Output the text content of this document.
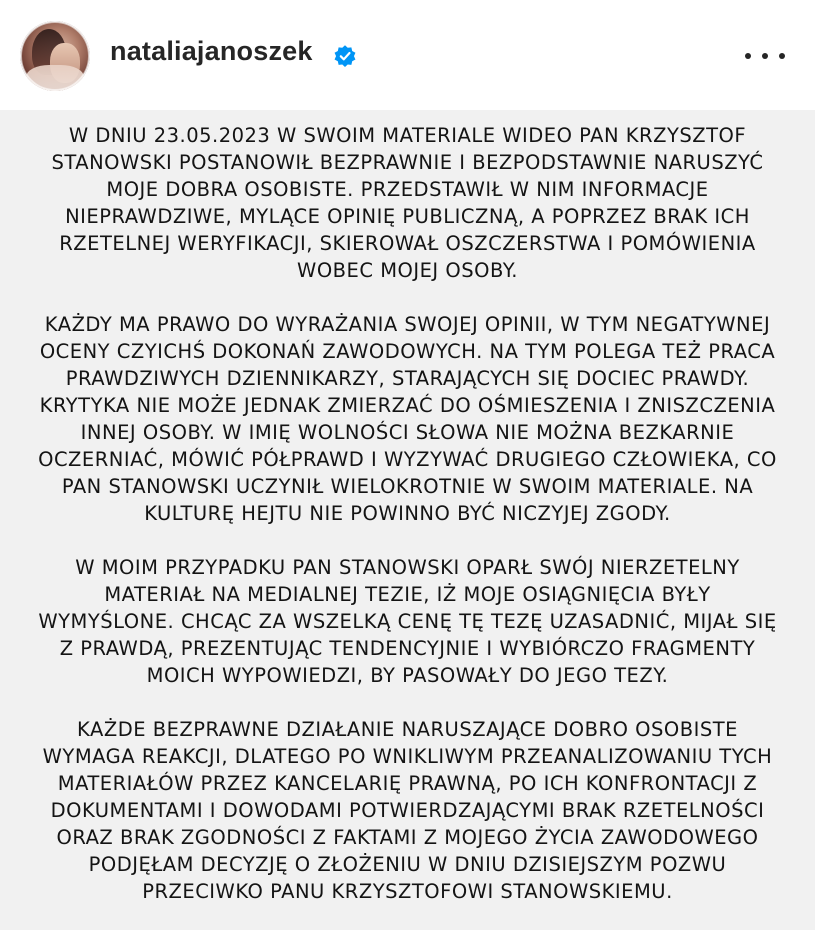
nataliajanoszek

W DNIU 23.05.2023 W SWOIM MATERIALE WIDEO PAN KRZYSZTOF
STANOWSKI POSTANOWIŁ BEZPRAWNIE I BEZPODSTAWNIE NARUSZYĆ
MOJE DOBRA OSOBISTE. PRZEDSTAWIŁ W NIM INFORMACJE
NIEPRAWDZIWE, MYLĄCE OPINIĘ PUBLICZNĄ, A POPRZEZ BRAK ICH
RZETELNEJ WERYFIKACJI, SKIEROWAŁ OSZCZERSTWA I POMÓWIENIA
WOBEC MOJEJ OSOBY.

KAŻDY MA PRAWO DO WYRAŻANIA SWOJEJ OPINII, W TYM NEGATYWNEJ
OCENY CZYICHŚ DOKONAŃ ZAWODOWYCH. NA TYM POLEGA TEŻ PRACA
PRAWDZIWYCH DZIENNIKARZY, STARAJĄCYCH SIĘ DOCIEC PRAWDY.
KRYTYKA NIE MOŻE JEDNAK ZMIERZAĆ DO OŚMIESZENIA I ZNISZCZENIA
INNEJ OSOBY. W IMIĘ WOLNOŚCI SŁOWA NIE MOŻNA BEZKARNIE
OCZERNIAĆ, MÓWIĆ PÓŁPRAWD I WYZYWAĆ DRUGIEGO CZŁOWIEKA, CO
PAN STANOWSKI UCZYNIŁ WIELOKROTNIE W SWOIM MATERIALE. NA
KULTURĘ HEJTU NIE POWINNO BYĆ NICZYJEJ ZGODY.

W MOIM PRZYPADKU PAN STANOWSKI OPARŁ SWÓJ NIERZETELNY
MATERIAŁ NA MEDIALNEJ TEZIE, IŻ MOJE OSIĄGNIĘCIA BYŁY
WYMYŚLONE. CHCĄC ZA WSZELKĄ CENĘ TĘ TEZĘ UZASADNIĆ, MIJAŁ SIĘ
Z PRAWDĄ, PREZENTUJĄC TENDENCYJNIE I WYBIÓRCZO FRAGMENTY
MOICH WYPOWIEDZI, BY PASOWAŁY DO JEGO TEZY.

KAŻDE BEZPRAWNE DZIAŁANIE NARUSZAJĄCE DOBRO OSOBISTE
WYMAGA REAKCJI, DLATEGO PO WNIKLIWYM PRZEANALIZOWANIU TYCH
MATERIAŁÓW PRZEZ KANCELARIĘ PRAWNĄ, PO ICH KONFRONTACJI Z
DOKUMENTAMI I DOWODAMI POTWIERDZAJĄCYMI BRAK RZETELNOŚCI
ORAZ BRAK ZGODNOŚCI Z FAKTAMI Z MOJEGO ŻYCIA ZAWODOWEGO
PODJĘŁAM DECYZJĘ O ZŁOŻENIU W DNIU DZISIEJSZYM POZWU
PRZECIWKO PANU KRZYSZTOFOWI STANOWSKIEMU.
